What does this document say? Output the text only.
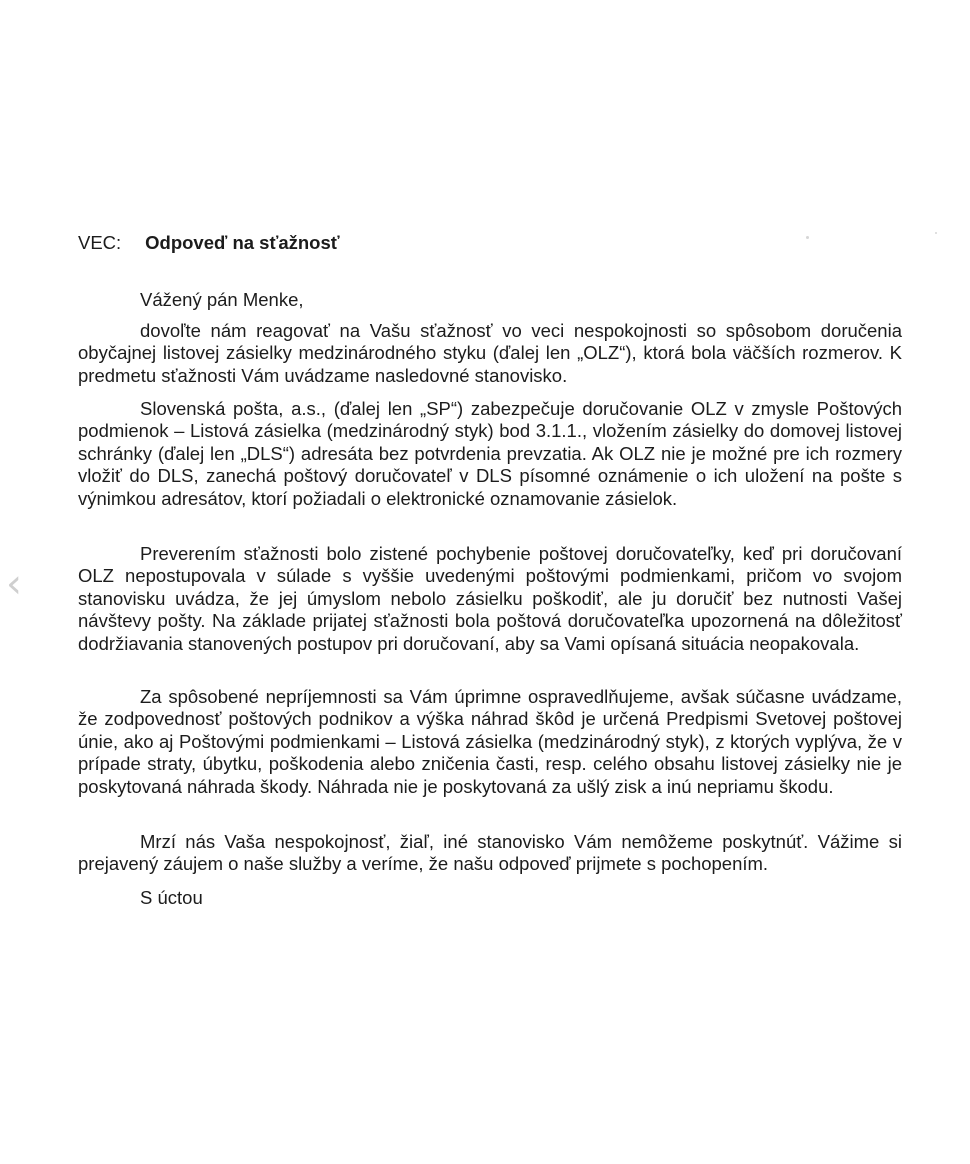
‹
VEC: Odpoveď na sťažnosť
Vážený pán Menke,

dovoľte nám reagovať na Vašu sťažnosť vo veci nespokojnosti so spôsobom doručenia obyčajnej listovej zásielky medzinárodného styku (ďalej len „OLZ“), ktorá bola väčších rozmerov. K predmetu sťažnosti Vám uvádzame nasledovné stanovisko.

Slovenská pošta, a.s., (ďalej len „SP“) zabezpečuje doručovanie OLZ v zmysle Poštových podmienok – Listová zásielka (medzinárodný styk) bod 3.1.1., vložením zásielky do domovej listovej schránky (ďalej len „DLS“) adresáta bez potvrdenia prevzatia. Ak OLZ nie je možné pre ich rozmery vložiť do DLS, zanechá poštový doručovateľ v DLS písomné oznámenie o ich uložení na pošte s výnimkou adresátov, ktorí požiadali o elektronické oznamovanie zásielok.

Preverením sťažnosti bolo zistené pochybenie poštovej doručovateľky, keď pri doručovaní OLZ nepostupovala v súlade s vyššie uvedenými poštovými podmienkami, pričom vo svojom stanovisku uvádza, že jej úmyslom nebolo zásielku poškodiť, ale ju doručiť bez nutnosti Vašej návštevy pošty. Na základe prijatej sťažnosti bola poštová doručovateľka upozornená na dôležitosť dodržiavania stanovených postupov pri doručovaní, aby sa Vami opísaná situácia neopakovala.

Za spôsobené nepríjemnosti sa Vám úprimne ospravedlňujeme, avšak súčasne uvádzame, že zodpovednosť poštových podnikov a výška náhrad škôd je určená Predpismi Svetovej poštovej únie, ako aj Poštovými podmienkami – Listová zásielka (medzinárodný styk), z ktorých vyplýva, že v prípade straty, úbytku, poškodenia alebo zničenia časti, resp. celého obsahu listovej zásielky nie je poskytovaná náhrada škody. Náhrada nie je poskytovaná za ušlý zisk a inú nepriamu škodu.

Mrzí nás Vaša nespokojnosť, žiaľ, iné stanovisko Vám nemôžeme poskytnúť. Vážime si prejavený záujem o naše služby a veríme, že našu odpoveď prijmete s pochopením.

S úctou
